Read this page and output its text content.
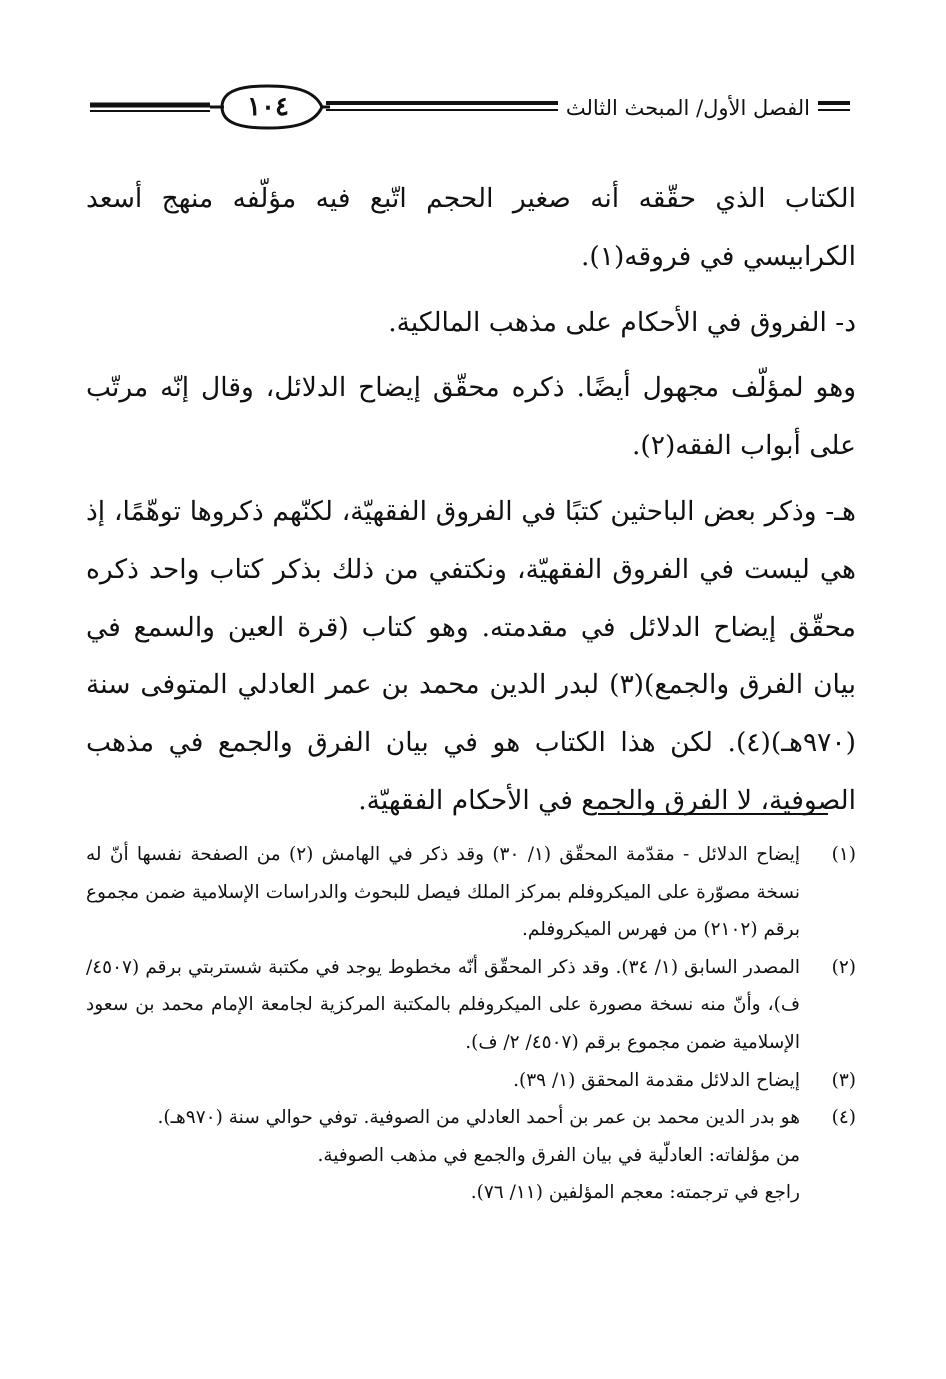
١٠٤	الفصل الأول/ المبحث الثالث

الكتاب الذي حقّقه أنه صغير الحجم اتّبع فيه مؤلّفه منهج أسعد الكرابيسي في فروقه(١).

د- الفروق في الأحكام على مذهب المالكية.

وهو لمؤلّف مجهول أيضًا. ذكره محقّق إيضاح الدلائل، وقال إنّه مرتّب على أبواب الفقه(٢).

هـ- وذكر بعض الباحثين كتبًا في الفروق الفقهيّة، لكنّهم ذكروها توهّمًا، إذ هي ليست في الفروق الفقهيّة، ونكتفي من ذلك بذكر كتاب واحد ذكره محقّق إيضاح الدلائل في مقدمته. وهو كتاب (قرة العين والسمع في بيان الفرق والجمع)(٣) لبدر الدين محمد بن عمر العادلي المتوفى سنة (٩٧٠هـ)(٤). لكن هذا الكتاب هو في بيان الفرق والجمع في مذهب الصوفية، لا الفرق والجمع في الأحكام الفقهيّة.

(١)
إيضاح الدلائل - مقدّمة المحقّق (١/ ٣٠) وقد ذكر في الهامش (٢) من الصفحة نفسها أنّ له نسخة مصوّرة على الميكروفلم بمركز الملك فيصل للبحوث والدراسات الإسلامية ضمن مجموع برقم (٢١٠٢) من فهرس الميكروفلم.
(٢)
المصدر السابق (١/ ٣٤). وقد ذكر المحقّق أنّه مخطوط يوجد في مكتبة شستربتي برقم (٤٥٠٧/ ف)، وأنّ منه نسخة مصورة على الميكروفلم بالمكتبة المركزية لجامعة الإمام محمد بن سعود الإسلامية ضمن مجموع برقم (٤٥٠٧/ ٢/ ف).
(٣)
إيضاح الدلائل مقدمة المحقق (١/ ٣٩).
(٤)
هو بدر الدين محمد بن عمر بن أحمد العادلي من الصوفية. توفي حوالي سنة (٩٧٠هـ).
من مؤلفاته: العادلّية في بيان الفرق والجمع في مذهب الصوفية.
راجع في ترجمته: معجم المؤلفين (١١/ ٧٦).
